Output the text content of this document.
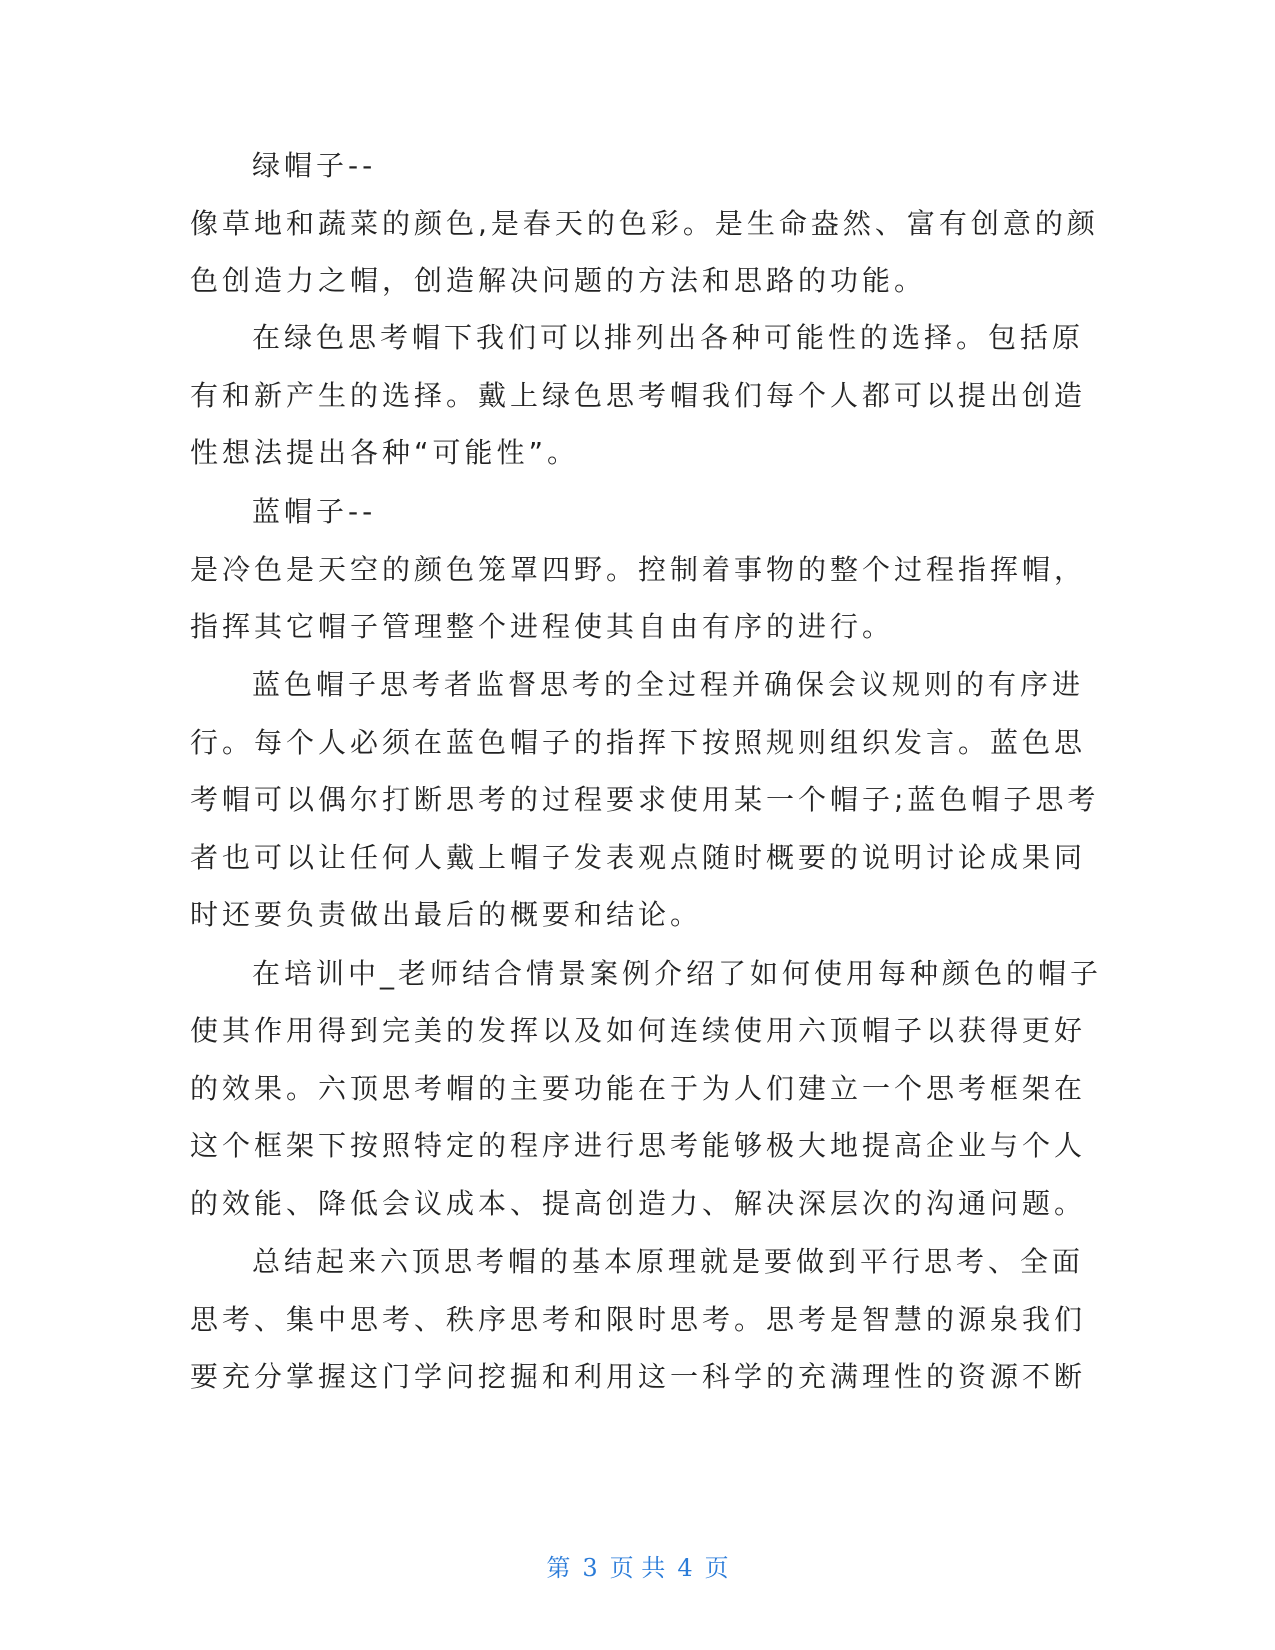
绿帽子--
像草地和蔬菜的颜色,是春天的色彩。是生命盎然、富有创意的颜
色创造力之帽，创造解决问题的方法和思路的功能。
在绿色思考帽下我们可以排列出各种可能性的选择。包括原
有和新产生的选择。戴上绿色思考帽我们每个人都可以提出创造
性想法提出各种“可能性”。
蓝帽子--
是冷色是天空的颜色笼罩四野。控制着事物的整个过程指挥帽，
指挥其它帽子管理整个进程使其自由有序的进行。
蓝色帽子思考者监督思考的全过程并确保会议规则的有序进
行。每个人必须在蓝色帽子的指挥下按照规则组织发言。蓝色思
考帽可以偶尔打断思考的过程要求使用某一个帽子;蓝色帽子思考
者也可以让任何人戴上帽子发表观点随时概要的说明讨论成果同
时还要负责做出最后的概要和结论。
在培训中_老师结合情景案例介绍了如何使用每种颜色的帽子
使其作用得到完美的发挥以及如何连续使用六顶帽子以获得更好
的效果。六顶思考帽的主要功能在于为人们建立一个思考框架在
这个框架下按照特定的程序进行思考能够极大地提高企业与个人
的效能、降低会议成本、提高创造力、解决深层次的沟通问题。
总结起来六顶思考帽的基本原理就是要做到平行思考、全面
思考、集中思考、秩序思考和限时思考。思考是智慧的源泉我们
要充分掌握这门学问挖掘和利用这一科学的充满理性的资源不断
第 3 页 共 4 页
